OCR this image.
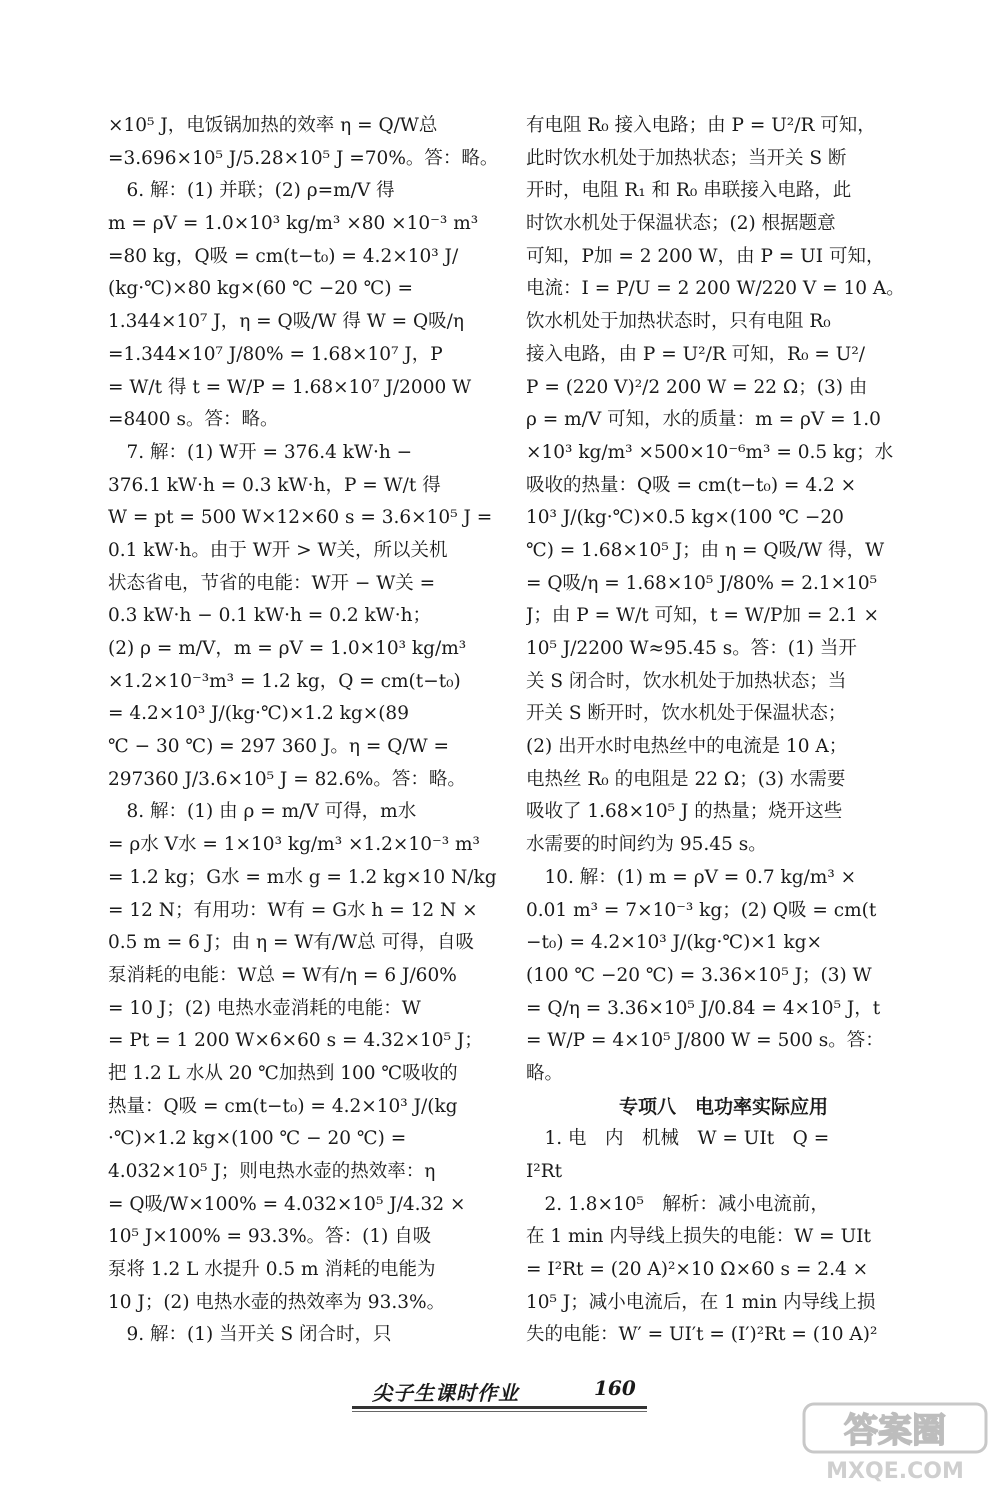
×10⁵ J，电饭锅加热的效率 η = Q/W总
=3.696×10⁵ J/5.28×10⁵ J =70%。答：略。
　6. 解：(1) 并联；(2) ρ=m/V 得
m = ρV = 1.0×10³ kg/m³ ×80 ×10⁻³ m³
=80 kg，Q吸 = cm(t−t₀) = 4.2×10³ J/
(kg·℃)×80 kg×(60 ℃ −20 ℃) =
1.344×10⁷ J，η = Q吸/W 得 W = Q吸/η
=1.344×10⁷ J/80% = 1.68×10⁷ J，P
= W/t 得 t = W/P = 1.68×10⁷ J/2000 W
=8400 s。答：略。
　7. 解：(1) W开 = 376.4 kW·h −
376.1 kW·h = 0.3 kW·h，P = W/t 得
W = pt = 500 W×12×60 s = 3.6×10⁵ J =
0.1 kW·h。由于 W开 > W关，所以关机
状态省电，节省的电能：W开 − W关 =
0.3 kW·h − 0.1 kW·h = 0.2 kW·h；
(2) ρ = m/V，m = ρV = 1.0×10³ kg/m³
×1.2×10⁻³m³ = 1.2 kg，Q = cm(t−t₀)
= 4.2×10³ J/(kg·℃)×1.2 kg×(89
℃ − 30 ℃) = 297 360 J。η = Q/W =
297360 J/3.6×10⁵ J = 82.6%。答：略。
　8. 解：(1) 由 ρ = m/V 可得，m水
= ρ水 V水 = 1×10³ kg/m³ ×1.2×10⁻³ m³
= 1.2 kg；G水 = m水 g = 1.2 kg×10 N/kg
= 12 N；有用功：W有 = G水 h = 12 N ×
0.5 m = 6 J；由 η = W有/W总 可得，自吸
泵消耗的电能：W总 = W有/η = 6 J/60%
= 10 J；(2) 电热水壶消耗的电能：W
= Pt = 1 200 W×6×60 s = 4.32×10⁵ J；
把 1.2 L 水从 20 ℃加热到 100 ℃吸收的
热量：Q吸 = cm(t−t₀) = 4.2×10³ J/(kg
·℃)×1.2 kg×(100 ℃ − 20 ℃) =
4.032×10⁵ J；则电热水壶的热效率：η
= Q吸/W×100% = 4.032×10⁵ J/4.32 ×
10⁵ J×100% = 93.3%。答：(1) 自吸
泵将 1.2 L 水提升 0.5 m 消耗的电能为
10 J；(2) 电热水壶的热效率为 93.3%。
　9. 解：(1) 当开关 S 闭合时，只
有电阻 R₀ 接入电路；由 P = U²/R 可知，
此时饮水机处于加热状态；当开关 S 断
开时，电阻 R₁ 和 R₀ 串联接入电路，此
时饮水机处于保温状态；(2) 根据题意
可知，P加 = 2 200 W，由 P = UI 可知，
电流：I = P/U = 2 200 W/220 V = 10 A。
饮水机处于加热状态时，只有电阻 R₀
接入电路，由 P = U²/R 可知，R₀ = U²/
P = (220 V)²/2 200 W = 22 Ω；(3) 由
ρ = m/V 可知，水的质量：m = ρV = 1.0
×10³ kg/m³ ×500×10⁻⁶m³ = 0.5 kg；水
吸收的热量：Q吸 = cm(t−t₀) = 4.2 ×
10³ J/(kg·℃)×0.5 kg×(100 ℃ −20
℃) = 1.68×10⁵ J；由 η = Q吸/W 得，W
= Q吸/η = 1.68×10⁵ J/80% = 2.1×10⁵
J；由 P = W/t 可知，t = W/P加 = 2.1 ×
10⁵ J/2200 W≈95.45 s。答：(1) 当开
关 S 闭合时，饮水机处于加热状态；当
开关 S 断开时，饮水机处于保温状态；
(2) 出开水时电热丝中的电流是 10 A；
电热丝 R₀ 的电阻是 22 Ω；(3) 水需要
吸收了 1.68×10⁵ J 的热量；烧开这些
水需要的时间约为 95.45 s。
　10. 解：(1) m = ρV = 0.7 kg/m³ ×
0.01 m³ = 7×10⁻³ kg；(2) Q吸 = cm(t
−t₀) = 4.2×10³ J/(kg·℃)×1 kg×
(100 ℃ −20 ℃) = 3.36×10⁵ J；(3) W
= Q/η = 3.36×10⁵ J/0.84 = 4×10⁵ J，t
= W/P = 4×10⁵ J/800 W = 500 s。答：
略。
专项八　电功率实际应用
　1. 电　内　机械　W = UIt　Q =
I²Rt
　2. 1.8×10⁵　解析：减小电流前，
在 1 min 内导线上损失的电能：W = UIt
= I²Rt = (20 A)²×10 Ω×60 s = 2.4 ×
10⁵ J；减小电流后，在 1 min 内导线上损
失的电能：W′ = UI′t = (I′)²Rt = (10 A)²
尖子生课时作业	160
答案圈
MXQE.COM
